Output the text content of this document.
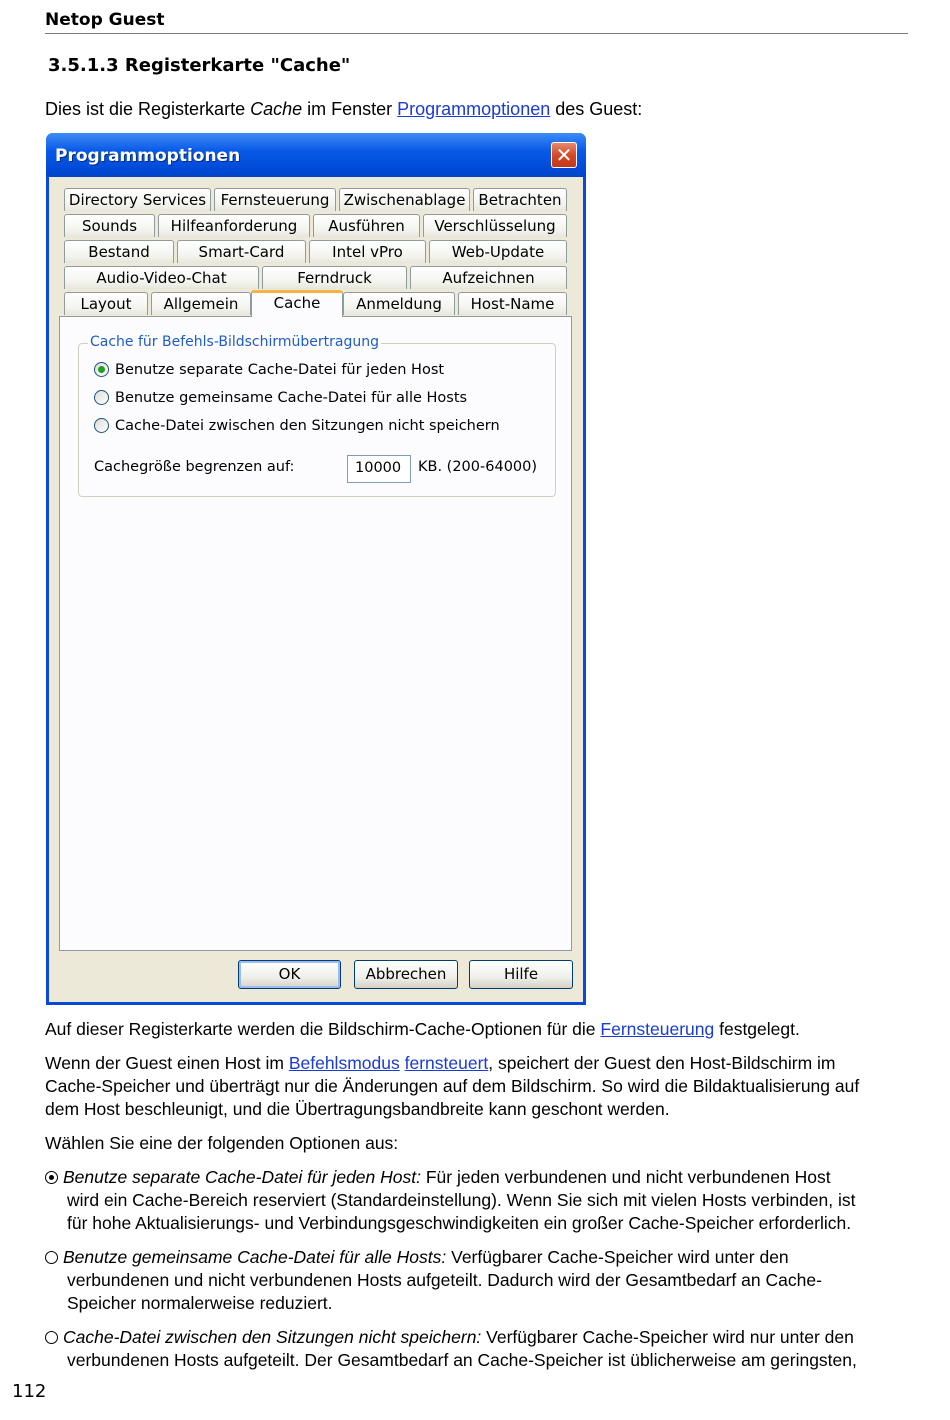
Netop Guest
3.5.1.3 Registerkarte "Cache"
Dies ist die Registerkarte Cache im Fenster Programmoptionen des Guest:
Programmoptionen	✕
Directory Services Fernsteuerung Zwischenablage Betrachten
Sounds	Hilfeanforderung	Ausführen	Verschlüsselung
Bestand	Smart-Card	Intel vPro	Web-Update
Audio-Video-Chat	Ferndruck	Aufzeichnen
Layout	Allgemein	Cache	Anmeldung	Host-Name
Cache für Befehls-Bildschirmübertragung
Benutze separate Cache-Datei für jeden Host
Benutze gemeinsame Cache-Datei für alle Hosts
Cache-Datei zwischen den Sitzungen nicht speichern
Cachegröße begrenzen auf:	10000	KB. (200-64000)
OK	Abbrechen	Hilfe
Auf dieser Registerkarte werden die Bildschirm-Cache-Optionen für die Fernsteuerung festgelegt.
Wenn der Guest einen Host im Befehlsmodus fernsteuert, speichert der Guest den Host-Bildschirm im
Cache-Speicher und überträgt nur die Änderungen auf dem Bildschirm. So wird die Bildaktualisierung auf
dem Host beschleunigt, und die Übertragungsbandbreite kann geschont werden.
Wählen Sie eine der folgenden Optionen aus:
Benutze separate Cache-Datei für jeden Host: Für jeden verbundenen und nicht verbundenen Host
wird ein Cache-Bereich reserviert (Standardeinstellung). Wenn Sie sich mit vielen Hosts verbinden, ist
für hohe Aktualisierungs- und Verbindungsgeschwindigkeiten ein großer Cache-Speicher erforderlich.
Benutze gemeinsame Cache-Datei für alle Hosts: Verfügbarer Cache-Speicher wird unter den
verbundenen und nicht verbundenen Hosts aufgeteilt. Dadurch wird der Gesamtbedarf an Cache-
Speicher normalerweise reduziert.
Cache-Datei zwischen den Sitzungen nicht speichern: Verfügbarer Cache-Speicher wird nur unter den
verbundenen Hosts aufgeteilt. Der Gesamtbedarf an Cache-Speicher ist üblicherweise am geringsten,
112
